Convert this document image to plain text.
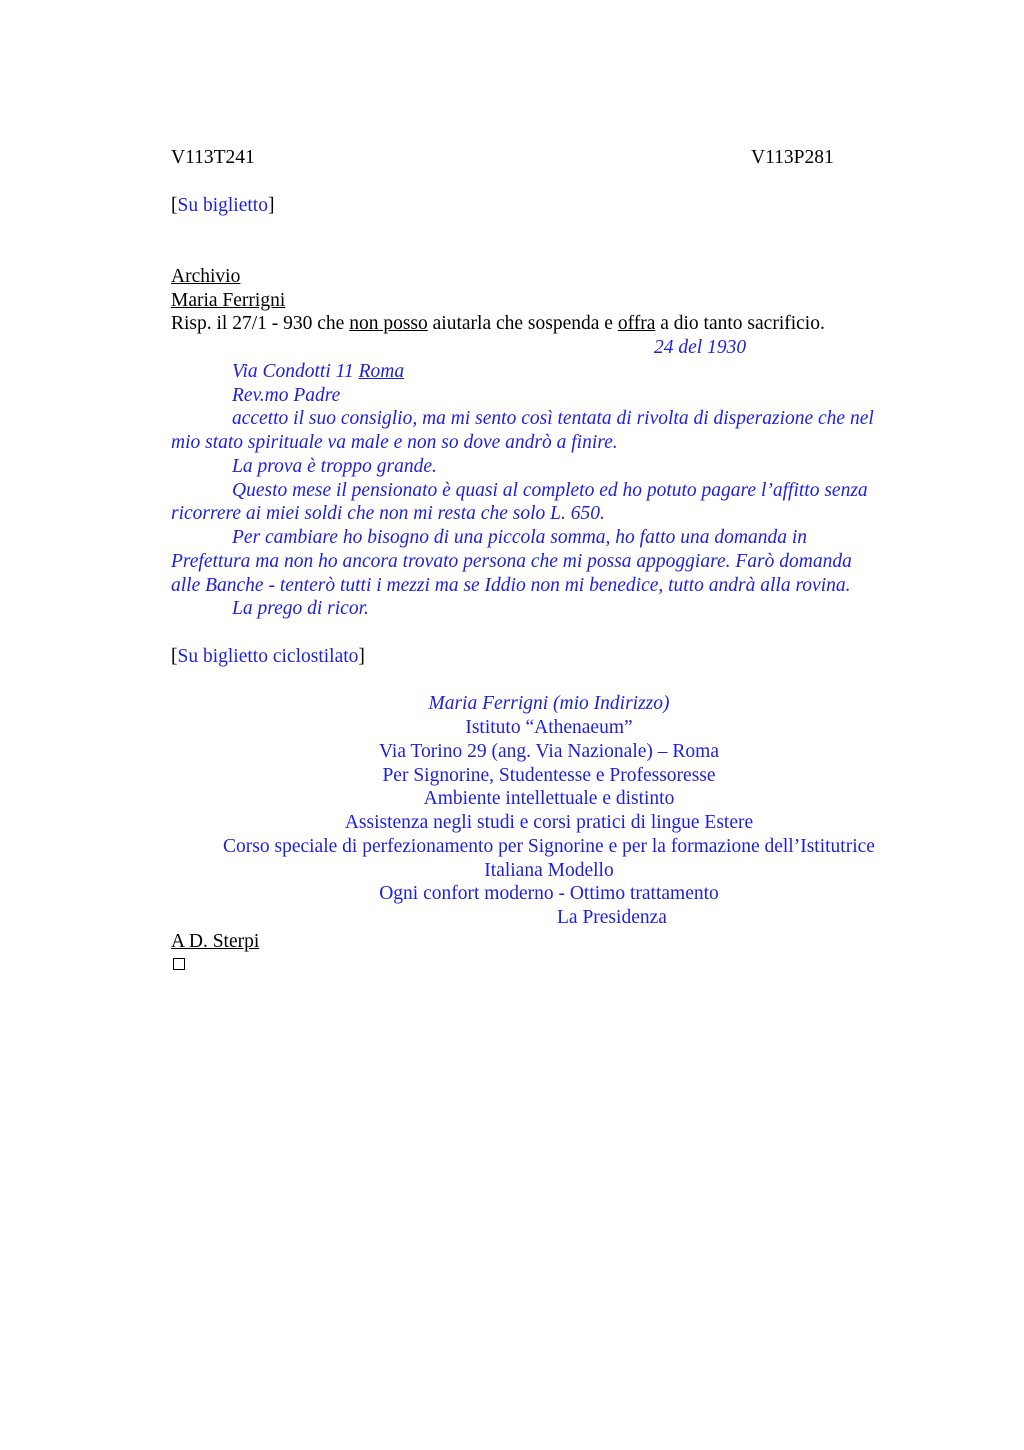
V113T241	V113P281
[Su biglietto]
Archivio
Maria Ferrigni
Risp. il 27/1 - 930 che non posso aiutarla che sospenda e offra a dio tanto sacrificio.
24 del 1930
Via Condotti 11 Roma
Rev.mo Padre
accetto il suo consiglio, ma mi sento così tentata di rivolta di disperazione che nel
mio stato spirituale va male e non so dove andrò a finire.
La prova è troppo grande.
Questo mese il pensionato è quasi al completo ed ho potuto pagare l’affitto senza
ricorrere ai miei soldi che non mi resta che solo L. 650.
Per cambiare ho bisogno di una piccola somma, ho fatto una domanda in
Prefettura ma non ho ancora trovato persona che mi possa appoggiare. Farò domanda
alle Banche - tenterò tutti i mezzi ma se Iddio non mi benedice, tutto andrà alla rovina.
La prego di ricor.
[Su biglietto ciclostilato]
Maria Ferrigni (mio Indirizzo)
Istituto “Athenaeum”
Via Torino 29 (ang. Via Nazionale) – Roma
Per Signorine, Studentesse e Professoresse
Ambiente intellettuale e distinto
Assistenza negli studi e corsi pratici di lingue Estere
Corso speciale di perfezionamento per Signorine e per la formazione dell’Istitutrice
Italiana Modello
Ogni confort moderno - Ottimo trattamento
La Presidenza
A D. Sterpi
